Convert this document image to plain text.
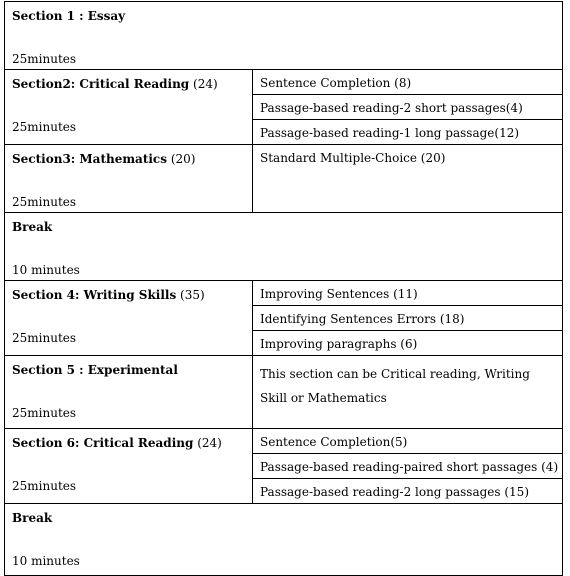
Section 1 : Essay
25minutes
Section2: Critical Reading (24)
25minutes
Sentence Completion (8)
Passage-based reading-2 short passages(4)
Passage-based reading-1 long passage(12)
Section3: Mathematics (20)
25minutes
Standard Multiple-Choice (20)
Break
10 minutes
Section 4: Writing Skills (35)
25minutes
Improving Sentences (11)
Identifying Sentences Errors (18)
Improving paragraphs (6)
Section 5 : Experimental
25minutes
This section can be Critical reading, Writing Skill or Mathematics
Section 6: Critical Reading (24)
25minutes
Sentence Completion(5)
Passage-based reading-paired short passages (4)
Passage-based reading-2 long passages (15)
Break
10 minutes
